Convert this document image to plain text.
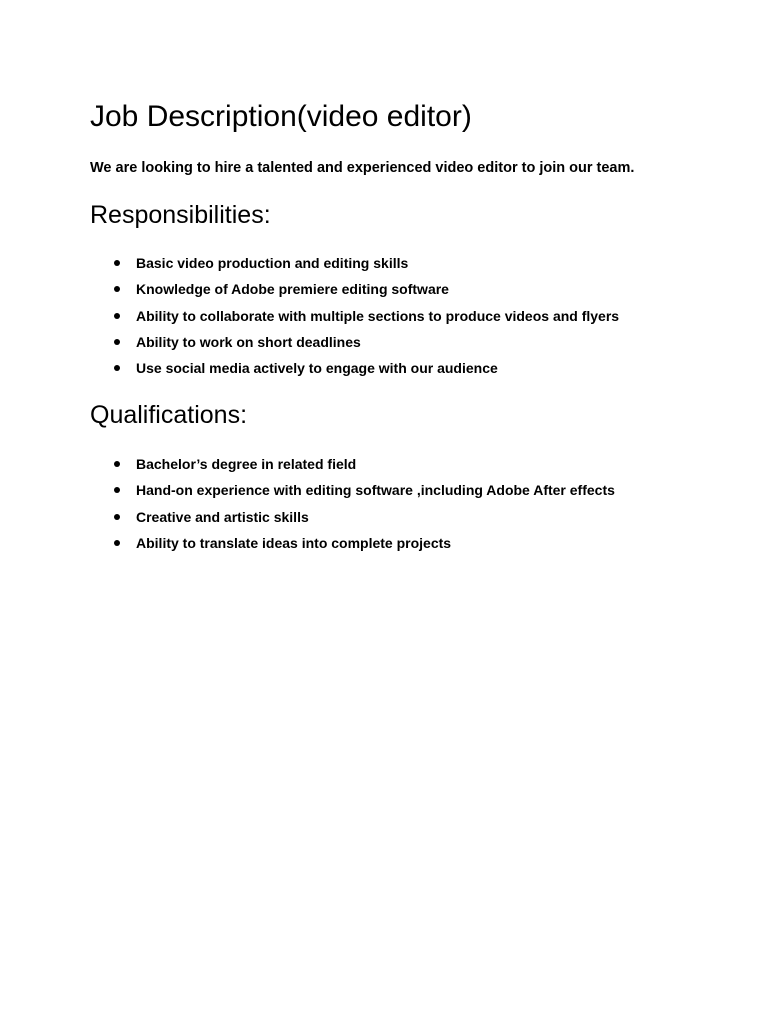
Job Description(video editor)

We are looking to hire a talented and experienced video editor to join our team.

Responsibilities:
Basic video production and editing skills
Knowledge of Adobe premiere editing software
Ability to collaborate with multiple sections to produce videos and flyers
Ability to work on short deadlines
Use social media actively to engage with our audience
Qualifications:
Bachelor’s degree in related field
Hand-on experience with editing software ,including Adobe After effects
Creative and artistic skills
Ability to translate ideas into complete projects
